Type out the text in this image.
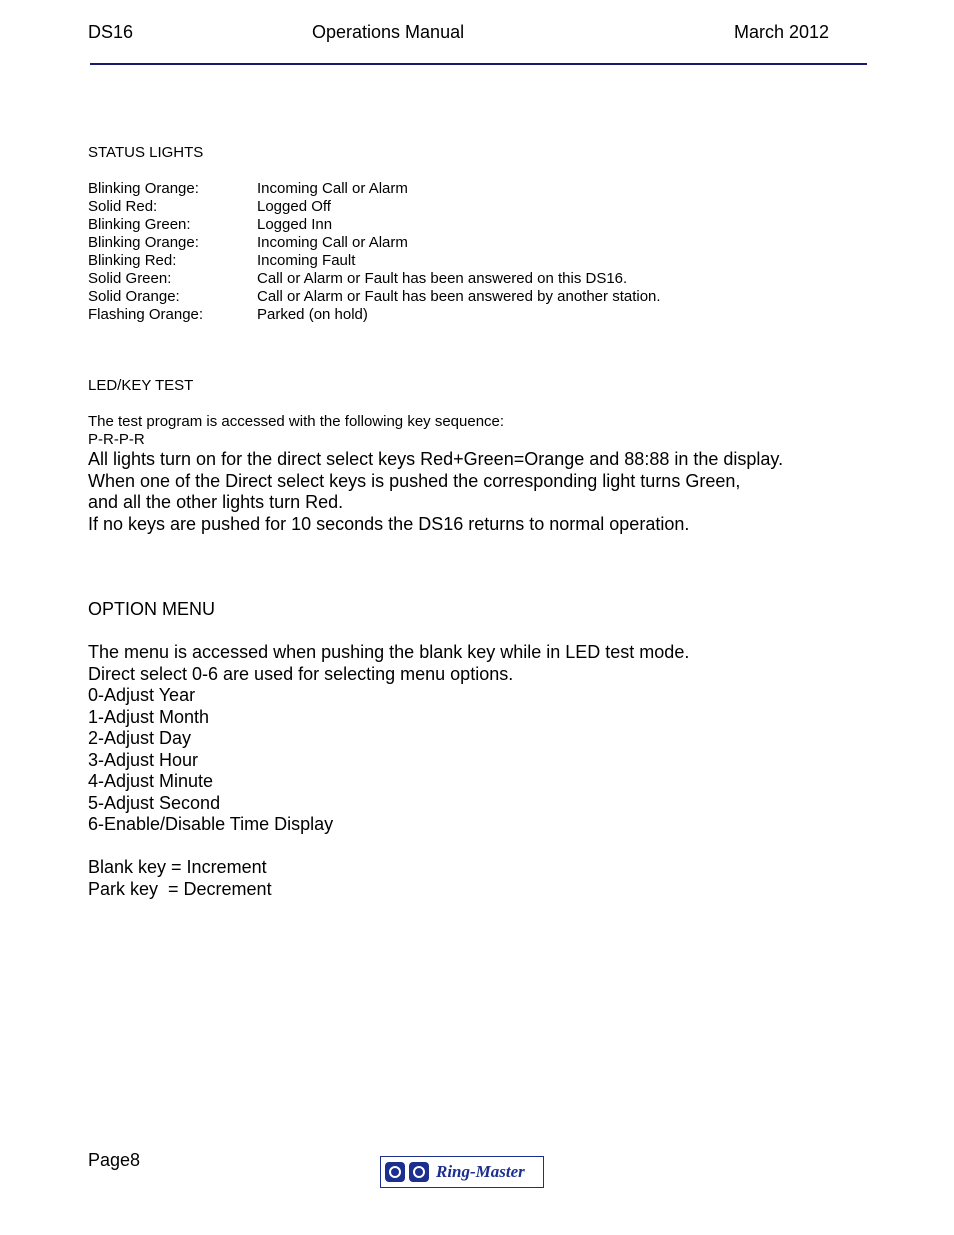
DS16	Operations Manual	March 2012
STATUS LIGHTS
Blinking Orange:	Incoming Call or Alarm
Solid Red:	Logged Off
Blinking Green:	Logged Inn
Blinking Orange:	Incoming Call or Alarm
Blinking Red:	Incoming Fault
Solid Green:	Call or Alarm or Fault has been answered on this DS16.
Solid Orange:	Call or Alarm or Fault has been answered by another station.
Flashing Orange:	Parked (on hold)
LED/KEY TEST
The test program is accessed with the following key sequence:
P-R-P-R
All lights turn on for the direct select keys Red+Green=Orange and 88:88 in the display.
When one of the Direct select keys is pushed the corresponding light turns Green,
and all the other lights turn Red.
If no keys are pushed for 10 seconds the DS16 returns to normal operation.
OPTION MENU
The menu is accessed when pushing the blank key while in LED test mode.
Direct select 0-6 are used for selecting menu options.
0-Adjust Year
1-Adjust Month
2-Adjust Day
3-Adjust Hour
4-Adjust Minute
5-Adjust Second
6-Enable/Disable Time Display
Blank key = Increment
Park key  = Decrement
Page8
Ring-Master
